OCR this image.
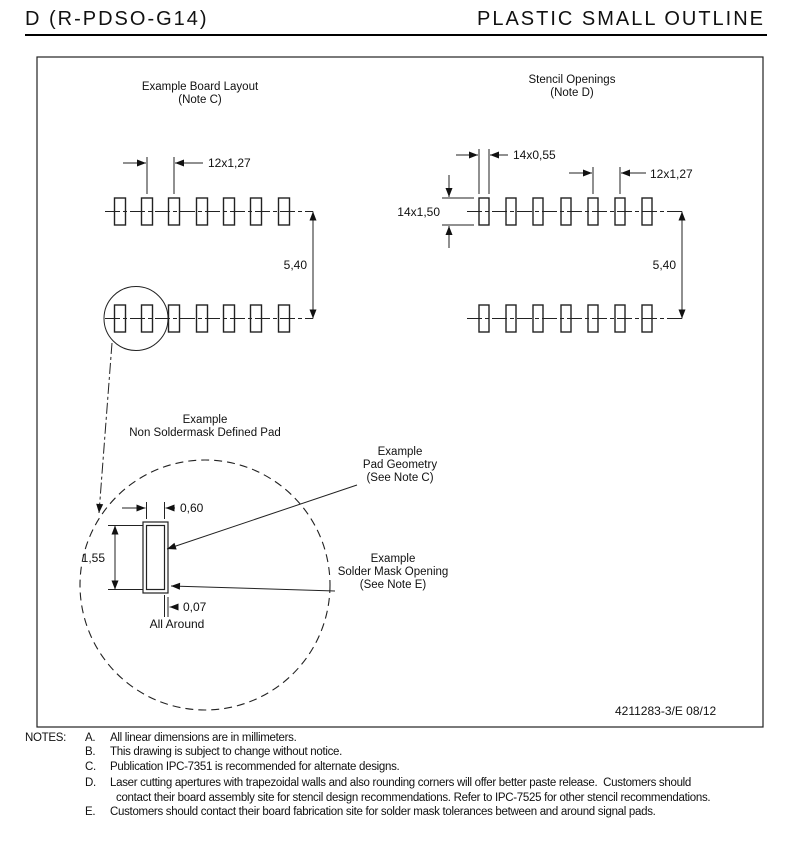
D (R-PDSO-G14)	PLASTIC SMALL OUTLINE
Example Board Layout
(Note C)
12x1,27
5,40
Stencil Openings
(Note D)
14x0,55
12x1,27
14x1,50
5,40
Example
Non Soldermask Defined Pad
0,60
1,55
0,07
All Around
Example
Pad Geometry
(See Note C)
Example
Solder Mask Opening
(See Note E)
4211283-3/E 08/12
NOTES:	A.	All linear dimensions are in millimeters.
B.	This drawing is subject to change without notice.
C.	Publication IPC-7351 is recommended for alternate designs.
D.	Laser cutting apertures with trapezoidal walls and also rounding corners will offer better paste release.  Customers should
contact their board assembly site for stencil design recommendations. Refer to IPC-7525 for other stencil recommendations.
E.	Customers should contact their board fabrication site for solder mask tolerances between and around signal pads.
